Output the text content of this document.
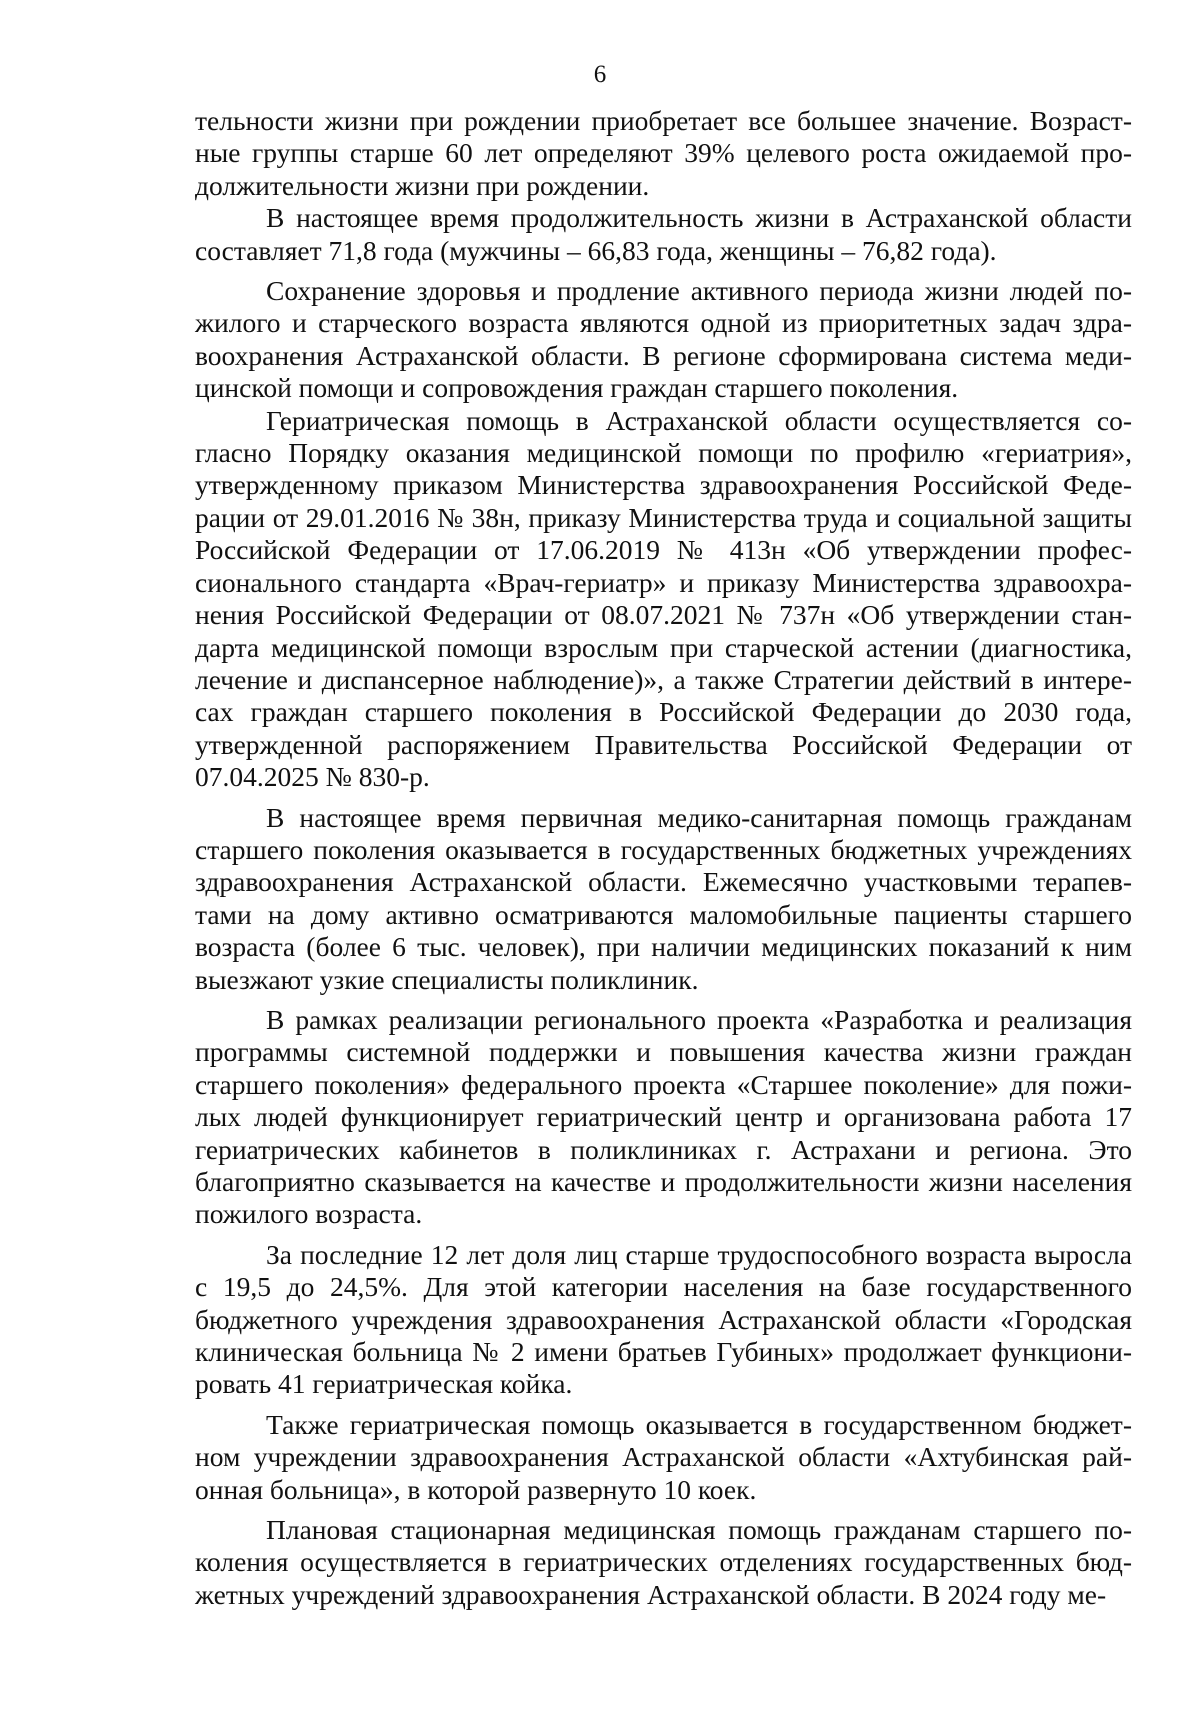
6

тельности жизни при рождении приобретает все большее значение. Возрастные группы старше 60 лет определяют 39% целевого роста ожидаемой продолжительности жизни при рождении.

В настоящее время продолжительность жизни в Астраханской области составляет 71,8 года (мужчины – 66,83 года, женщины – 76,82 года).

Сохранение здоровья и продление активного периода жизни людей пожилого и старческого возраста являются одной из приоритетных задач здравоохранения Астраханской области. В регионе сформирована система медицинской помощи и сопровождения граждан старшего поколения.

Гериатрическая помощь в Астраханской области осуществляется согласно Порядку оказания медицинской помощи по профилю «гериатрия», утвержденному приказом Министерства здравоохранения Российской Федерации от 29.01.2016 № 38н, приказу Министерства труда и социальной защиты Российской Федерации от 17.06.2019 № 413н «Об утверждении профессионального стандарта «Врач-гериатр» и приказу Министерства здравоохранения Российской Федерации от 08.07.2021 № 737н «Об утверждении стандарта медицинской помощи взрослым при старческой астении (диагностика, лечение и диспансерное наблюдение)», а также Стратегии действий в интересах граждан старшего поколения в Российской Федерации до 2030 года, утвержденной распоряжением Правительства Российской Федерации от 07.04.2025 № 830-р.

В настоящее время первичная медико-санитарная помощь гражданам старшего поколения оказывается в государственных бюджетных учреждениях здравоохранения Астраханской области. Ежемесячно участковыми терапевтами на дому активно осматриваются маломобильные пациенты старшего возраста (более 6 тыс. человек), при наличии медицинских показаний к ним выезжают узкие специалисты поликлиник.

В рамках реализации регионального проекта «Разработка и реализация программы системной поддержки и повышения качества жизни граждан старшего поколения» федерального проекта «Старшее поколение» для пожилых людей функционирует гериатрический центр и организована работа 17 гериатрических кабинетов в поликлиниках г. Астрахани и региона. Это благоприятно сказывается на качестве и продолжительности жизни населения пожилого возраста.

За последние 12 лет доля лиц старше трудоспособного возраста выросла с 19,5 до 24,5%. Для этой категории населения на базе государственного бюджетного учреждения здравоохранения Астраханской области «Городская клиническая больница № 2 имени братьев Губиных» продолжает функционировать 41 гериатрическая койка.

Также гериатрическая помощь оказывается в государственном бюджетном учреждении здравоохранения Астраханской области «Ахтубинская районная больница», в которой развернуто 10 коек.

Плановая стационарная медицинская помощь гражданам старшего поколения осуществляется в гериатрических отделениях государственных бюджетных учреждений здравоохранения Астраханской области. В 2024 году ме-
